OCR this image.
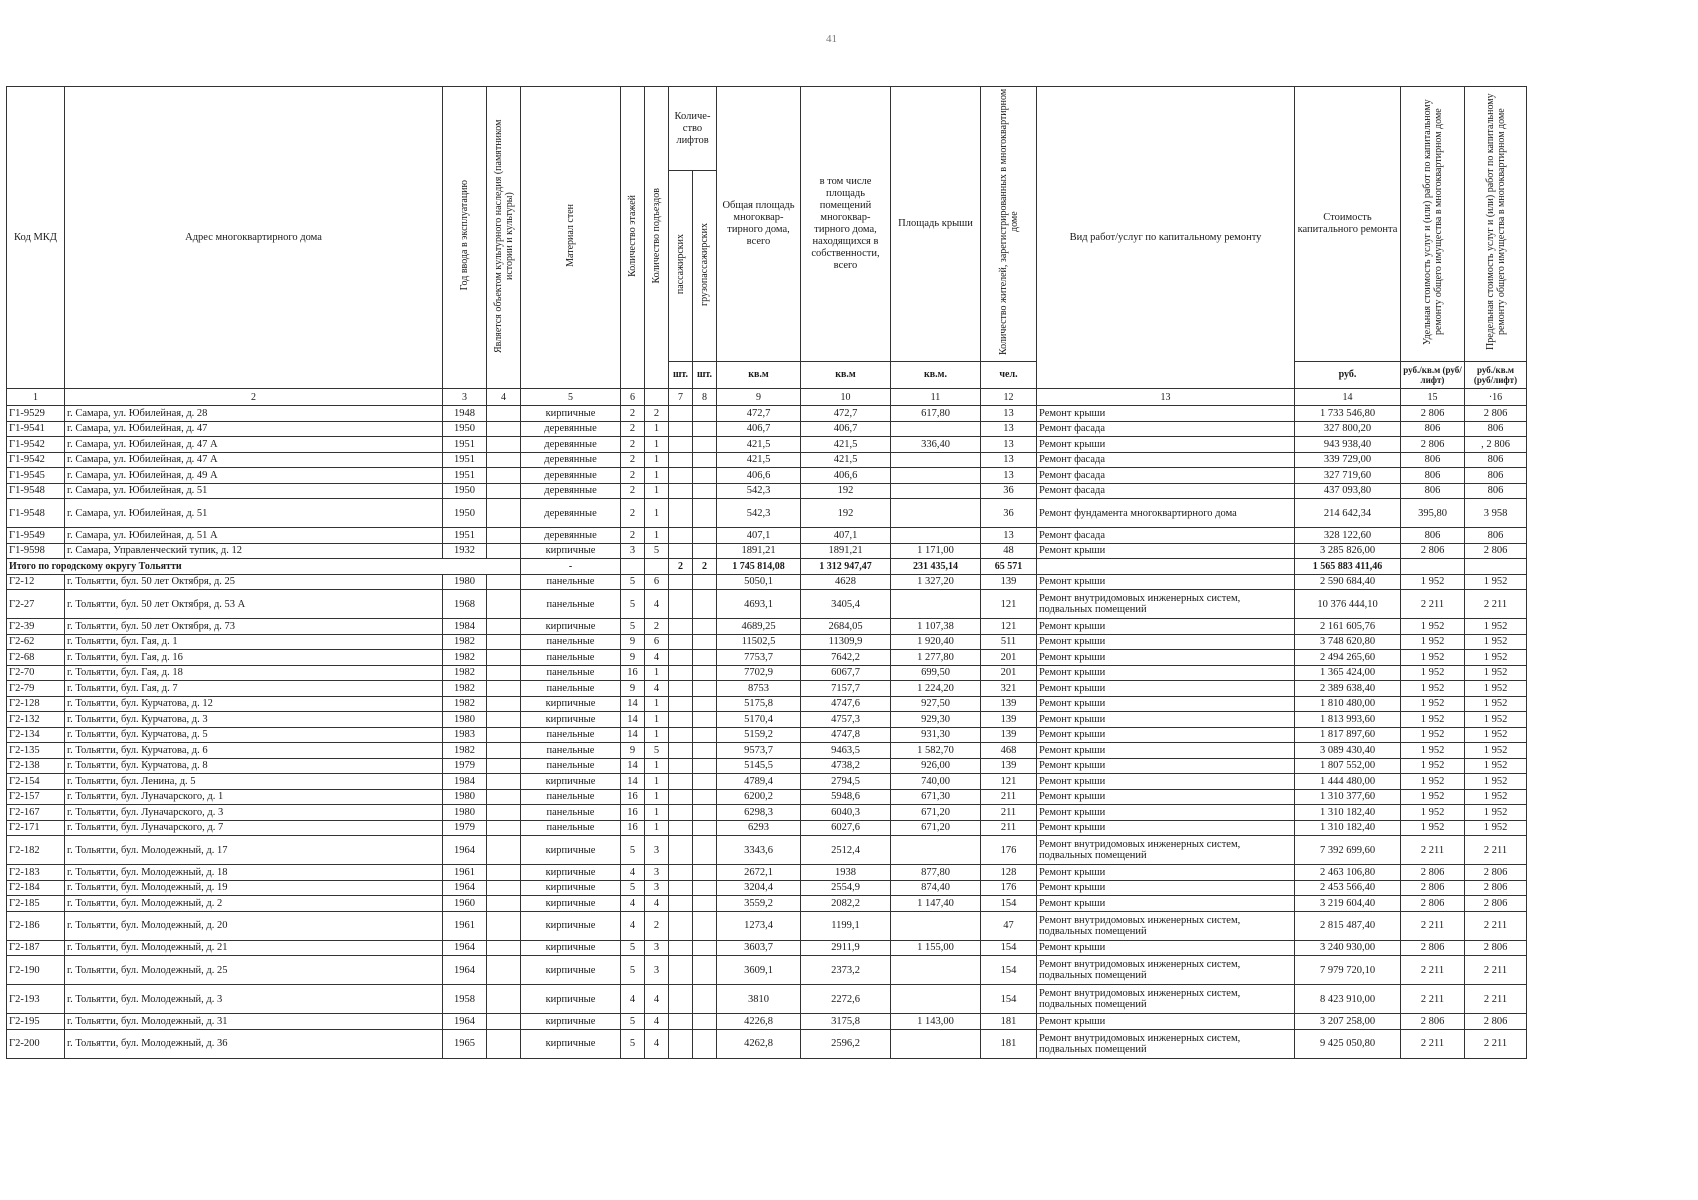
41
Код МКД	Адрес многоквартирного дома	Год ввода в эксплуатацию	Является объектом культурного наследия (памятником истории и культуры)	Материал стен	Количество этажей	Количество подъездов	Количе-ство лифтов		Общая площадь многоквар-тирного дома, всего	в том числе площадь помещений многоквар-тирного дома, находящихся в собственности, всего	Площадь крыши	Количество жителей, зарегистрированных в многоквартирном доме	Вид работ/услуг по капитальному ремонту	Стоимость капитального ремонта	Удельная стоимость услуг и (или) работ по капитальному ремонту общего имущества в многоквартирном доме	Предельная стоимость услуг и (или) работ по капитальному ремонту общего имущества в многоквартирном доме
							пассажирских	грузопассажирских								
							шт.	шт.	кв.м	кв.м	кв.м.	чел.		руб.	руб./кв.м (руб/лифт)	руб./кв.м (руб/лифт)
1	2	3	4	5	6		7	8	9	10	11	12	13	14	15	·16
Г1-9529	г. Самара, ул. Юбилейная, д. 28	1948		кирпичные	2	2			472,7	472,7	617,80	13	Ремонт крыши	1 733 546,80	2 806	2 806
Г1-9541	г. Самара, ул. Юбилейная, д. 47	1950		деревянные	2	1			406,7	406,7		13	Ремонт фасада	327 800,20	806	806
Г1-9542	г. Самара, ул. Юбилейная, д. 47 А	1951		деревянные	2	1			421,5	421,5	336,40	13	Ремонт крыши	943 938,40	2 806	, 2 806
Г1-9542	г. Самара, ул. Юбилейная, д. 47 А	1951		деревянные	2	1			421,5	421,5		13	Ремонт фасада	339 729,00	806	806
Г1-9545	г. Самара, ул. Юбилейная, д. 49 А	1951		деревянные	2	1			406,6	406,6		13	Ремонт фасада	327 719,60	806	806
Г1-9548	г. Самара, ул. Юбилейная, д. 51	1950		деревянные	2	1			542,3	192		36	Ремонт фасада	437 093,80	806	806
Г1-9548	г. Самара, ул. Юбилейная, д. 51	1950		деревянные	2	1			542,3	192		36	Ремонт фундамента многоквартирного дома	214 642,34	395,80	3 958
Г1-9549	г. Самара, ул. Юбилейная, д. 51 А	1951		деревянные	2	1			407,1	407,1		13	Ремонт фасада	328 122,60	806	806
Г1-9598	г. Самара, Управленческий тупик, д. 12	1932		кирпичные	3	5			1891,21	1891,21	1 171,00	48	Ремонт крыши	3 285 826,00	2 806	2 806
Итого по городскому округу Тольятти				-			2	2	1 745 814,08	1 312 947,47	231 435,14	65 571		1 565 883 411,46		
Г2-12	г. Тольятти, бул. 50 лет Октября, д. 25	1980		панельные	5	6			5050,1	4628	1 327,20	139	Ремонт крыши	2 590 684,40	1 952	1 952
Г2-27	г. Тольятти, бул. 50 лет Октября, д. 53 А	1968		панельные	5	4			4693,1	3405,4		121	Ремонт внутридомовых инженерных систем, подвальных помещений	10 376 444,10	2 211	2 211
Г2-39	г. Тольятти, бул. 50 лет Октября, д. 73	1984		кирпичные	5	2			4689,25	2684,05	1 107,38	121	Ремонт крыши	2 161 605,76	1 952	1 952
Г2-62	г. Тольятти, бул. Гая, д. 1	1982		панельные	9	6			11502,5	11309,9	1 920,40	511	Ремонт крыши	3 748 620,80	1 952	1 952
Г2-68	г. Тольятти, бул. Гая, д. 16	1982		панельные	9	4			7753,7	7642,2	1 277,80	201	Ремонт крыши	2 494 265,60	1 952	1 952
Г2-70	г. Тольятти, бул. Гая, д. 18	1982		панельные	16	1			7702,9	6067,7	699,50	201	Ремонт крыши	1 365 424,00	1 952	1 952
Г2-79	г. Тольятти, бул. Гая, д. 7	1982		панельные	9	4			8753	7157,7	1 224,20	321	Ремонт крыши	2 389 638,40	1 952	1 952
Г2-128	г. Тольятти, бул. Курчатова, д. 12	1982		кирпичные	14	1			5175,8	4747,6	927,50	139	Ремонт крыши	1 810 480,00	1 952	1 952
Г2-132	г. Тольятти, бул. Курчатова, д. 3	1980		кирпичные	14	1			5170,4	4757,3	929,30	139	Ремонт крыши	1 813 993,60	1 952	1 952
Г2-134	г. Тольятти, бул. Курчатова, д. 5	1983		панельные	14	1			5159,2	4747,8	931,30	139	Ремонт крыши	1 817 897,60	1 952	1 952
Г2-135	г. Тольятти, бул. Курчатова, д. 6	1982		панельные	9	5			9573,7	9463,5	1 582,70	468	Ремонт крыши	3 089 430,40	1 952	1 952
Г2-138	г. Тольятти, бул. Курчатова, д. 8	1979		панельные	14	1			5145,5	4738,2	926,00	139	Ремонт крыши	1 807 552,00	1 952	1 952
Г2-154	г. Тольятти, бул. Ленина, д. 5	1984		кирпичные	14	1			4789,4	2794,5	740,00	121	Ремонт крыши	1 444 480,00	1 952	1 952
Г2-157	г. Тольятти, бул. Луначарского, д. 1	1980		панельные	16	1			6200,2	5948,6	671,30	211	Ремонт крыши	1 310 377,60	1 952	1 952
Г2-167	г. Тольятти, бул. Луначарского, д. 3	1980		панельные	16	1			6298,3	6040,3	671,20	211	Ремонт крыши	1 310 182,40	1 952	1 952
Г2-171	г. Тольятти, бул. Луначарского, д. 7	1979		панельные	16	1			6293	6027,6	671,20	211	Ремонт крыши	1 310 182,40	1 952	1 952
Г2-182	г. Тольятти, бул. Молодежный, д. 17	1964		кирпичные	5	3			3343,6	2512,4		176	Ремонт внутридомовых инженерных систем, подвальных помещений	7 392 699,60	2 211	2 211
Г2-183	г. Тольятти, бул. Молодежный, д. 18	1961		кирпичные	4	3			2672,1	1938	877,80	128	Ремонт крыши	2 463 106,80	2 806	2 806
Г2-184	г. Тольятти, бул. Молодежный, д. 19	1964		кирпичные	5	3			3204,4	2554,9	874,40	176	Ремонт крыши	2 453 566,40	2 806	2 806
Г2-185	г. Тольятти, бул. Молодежный, д. 2	1960		кирпичные	4	4			3559,2	2082,2	1 147,40	154	Ремонт крыши	3 219 604,40	2 806	2 806
Г2-186	г. Тольятти, бул. Молодежный, д. 20	1961		кирпичные	4	2			1273,4	1199,1		47	Ремонт внутридомовых инженерных систем, подвальных помещений	2 815 487,40	2 211	2 211
Г2-187	г. Тольятти, бул. Молодежный, д. 21	1964		кирпичные	5	3			3603,7	2911,9	1 155,00	154	Ремонт крыши	3 240 930,00	2 806	2 806
Г2-190	г. Тольятти, бул. Молодежный, д. 25	1964		кирпичные	5	3			3609,1	2373,2		154	Ремонт внутридомовых инженерных систем, подвальных помещений	7 979 720,10	2 211	2 211
Г2-193	г. Тольятти, бул. Молодежный, д. 3	1958		кирпичные	4	4			3810	2272,6		154	Ремонт внутридомовых инженерных систем, подвальных помещений	8 423 910,00	2 211	2 211
Г2-195	г. Тольятти, бул. Молодежный, д. 31	1964		кирпичные	5	4			4226,8	3175,8	1 143,00	181	Ремонт крыши	3 207 258,00	2 806	2 806
Г2-200	г. Тольятти, бул. Молодежный, д. 36	1965		кирпичные	5	4			4262,8	2596,2		181	Ремонт внутридомовых инженерных систем, подвальных помещений	9 425 050,80	2 211	2 211
